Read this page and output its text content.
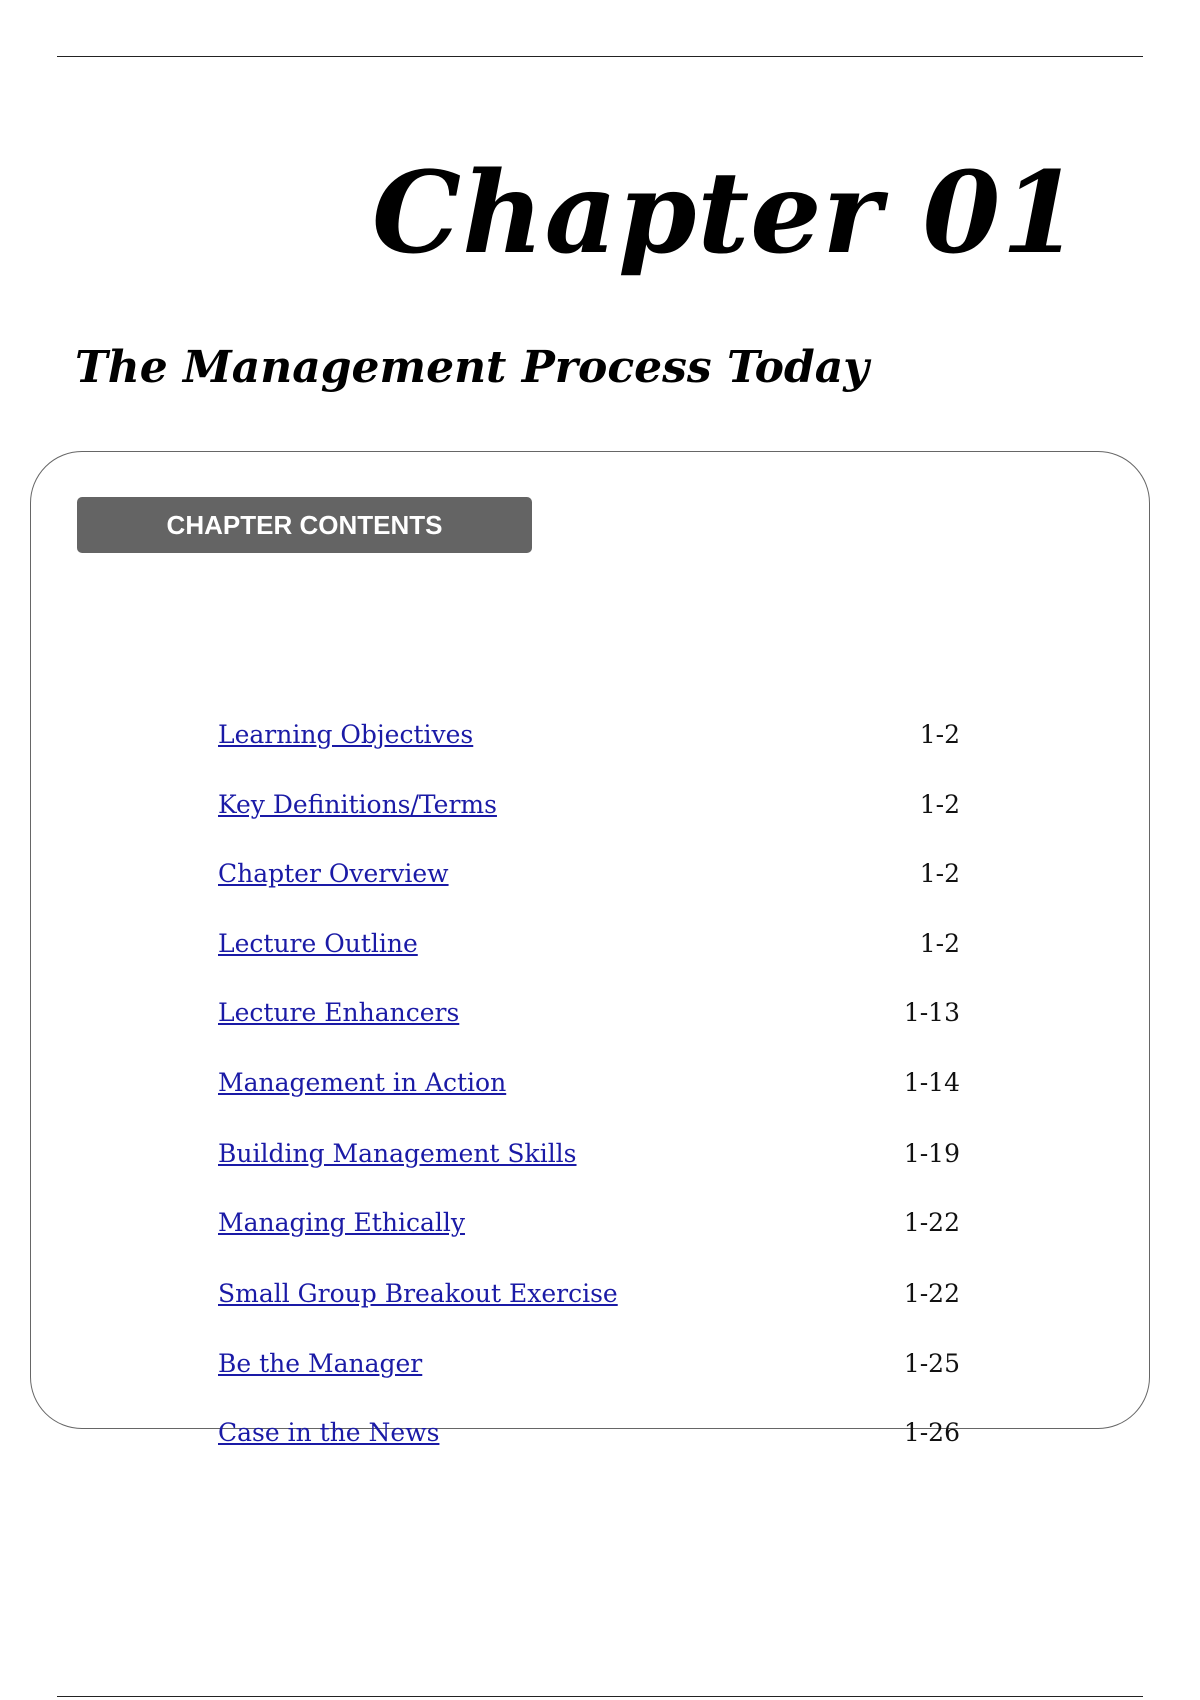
Chapter 01
The Management Process Today
CHAPTER CONTENTS
Learning Objectives	1-2
Key Definitions/Terms	1-2
Chapter Overview	1-2
Lecture Outline	1-2
Lecture Enhancers	1-13
Management in Action	1-14
Building Management Skills	1-19
Managing Ethically	1-22
Small Group Breakout Exercise	1-22
Be the Manager	1-25
Case in the News	1-26
